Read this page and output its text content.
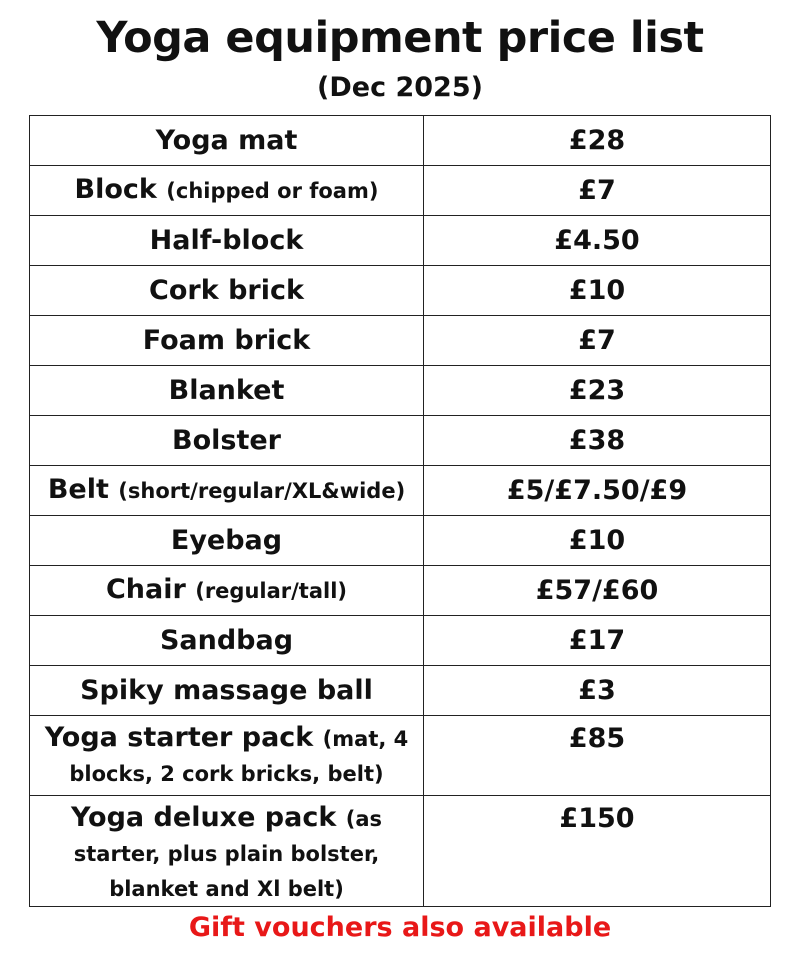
Yoga equipment price list
(Dec 2025)
Yoga mat	£28
Block (chipped or foam)	£7
Half-block	£4.50
Cork brick	£10
Foam brick	£7
Blanket	£23
Bolster	£38
Belt (short/regular/XL&wide)	£5/£7.50/£9
Eyebag	£10
Chair (regular/tall)	£57/£60
Sandbag	£17
Spiky massage ball	£3
Yoga starter pack (mat, 4 blocks, 2 cork bricks, belt)	£85
Yoga deluxe pack (as starter, plus plain bolster, blanket and Xl belt)	£150
Gift vouchers also available
